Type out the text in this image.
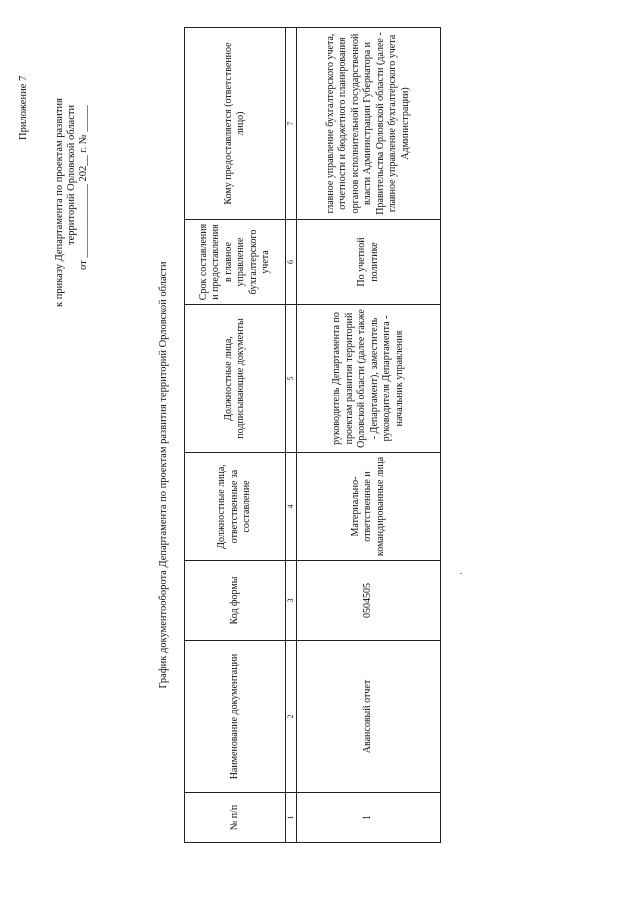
Приложение 7 к приказу Департамента по проектам развития территорий Орловской области от ______________ 202__ г. № _____
График документооборота Департамента по проектам развития территорий Орловской области
№ п/п	Наименование документации	Код формы	Должностные лица, ответственные за составление	Должностные лица, подписывающие документы	Срок составления и предоставления в главное управление бухгалтерского учета	Кому предоставляется (ответственное лицо)
1	2	3	4	5	6	7
1	Авансовый отчет	0504505	Материально-ответственные и командированные лица	руководитель Департамента по проектам развития территорий Орловской области (далее также - Департамент), заместитель руководителя Департамента - начальник управления	По учетной политике	главное управление бухгалтерского учета, отчетности и бюджетного планирования органов исполнительной государственной власти Администрации Губернатора и Правительства Орловской области (далее - главное управление бухгалтерского учета Администрации)
